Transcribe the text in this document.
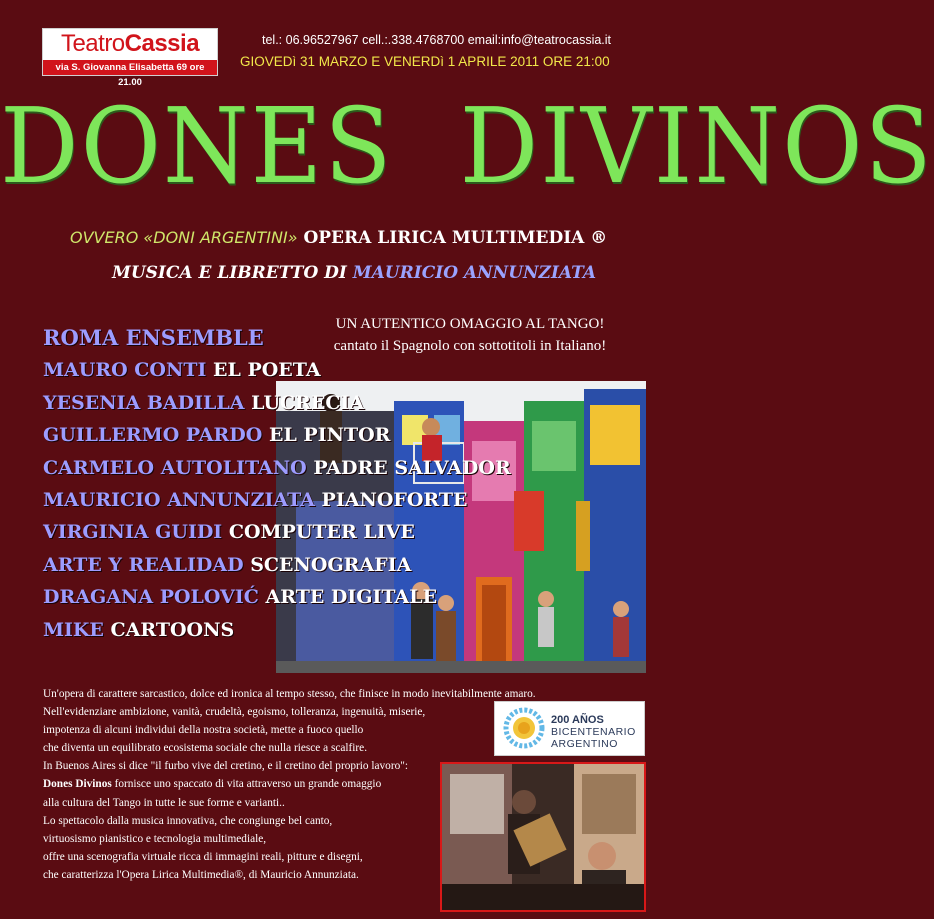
TeatroCassia
via S. Giovanna Elisabetta 69 ore 21.00
tel.: 06.96527967 cell.:.338.4768700 email:info@teatrocassia.it
GIOVEDì 31 MARZO E VENERDì 1 APRILE 2011 ORE 21:00
DONES  DIVINOS
OVVERO «DONI ARGENTINI» OPERA LIRICA MULTIMEDIA ®
MUSICA E LIBRETTO DI MAURICIO ANNUNZIATA
UN AUTENTICO OMAGGIO AL TANGO!
cantato il Spagnolo con sottotitoli in Italiano!
ROMA ENSEMBLE
MAURO CONTI EL POETA
YESENIA BADILLA LUCRECIA
GUILLERMO PARDO EL PINTOR
CARMELO AUTOLITANO PADRE SALVADOR
MAURICIO ANNUNZIATA PIANOFORTE
VIRGINIA GUIDI COMPUTER LIVE
ARTE Y REALIDAD SCENOGRAFIA
DRAGANA POLOVIĆ ARTE DIGITALE
MIKE CARTOONS

Un'opera di carattere sarcastico, dolce ed ironica al tempo stesso, che finisce in modo inevitabilmente amaro.

Nell'evidenziare ambizione, vanità, crudeltà, egoismo, tolleranza, ingenuità, miserie,

impotenza di alcuni individui della nostra società, mette a fuoco quello

che diventa un equilibrato ecosistema sociale che nulla riesce a scalfire.

In Buenos Aires si dice "il furbo vive del cretino, e il cretino del proprio lavoro":

Dones Divinos fornisce uno spaccato di vita attraverso un grande omaggio

alla cultura del Tango in tutte le sue forme e varianti..

Lo spettacolo dalla musica innovativa, che congiunge bel canto,

virtuosismo pianistico e tecnologia multimediale,

offre una scenografia virtuale ricca di immagini reali, pitture e disegni,

che caratterizza l'Opera Lirica Multimedia®, di Mauricio Annunziata.

200 AÑOS
BICENTENARIO
ARGENTINO
